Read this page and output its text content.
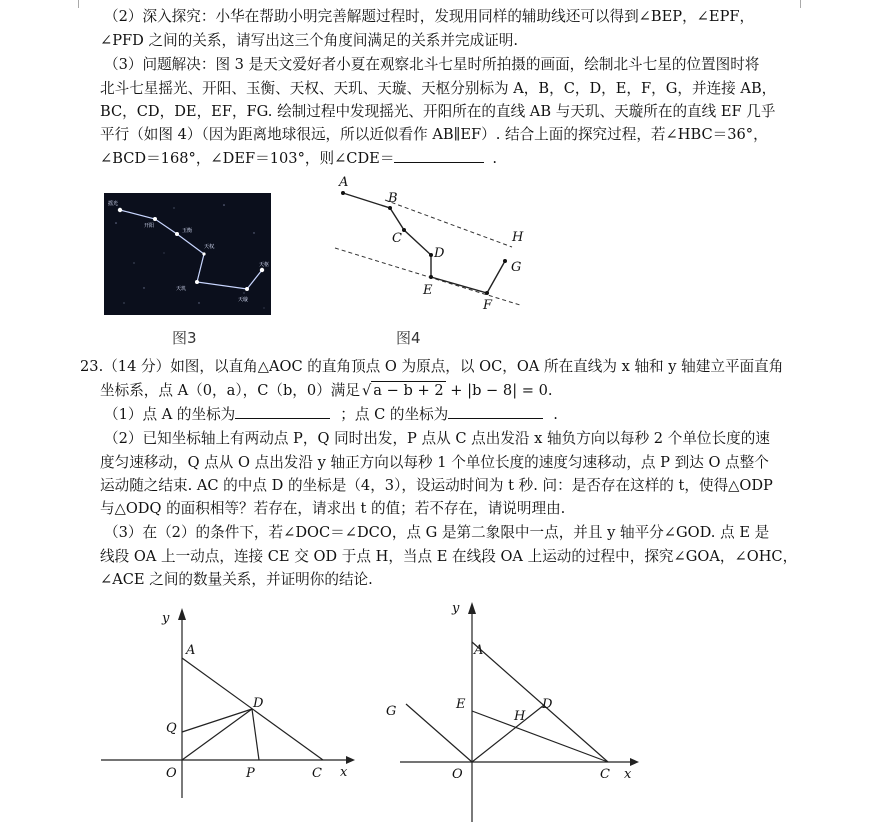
（2）深入探究：小华在帮助小明完善解题过程时，发现用同样的辅助线还可以得到∠BEP，∠EPF，
∠PFD 之间的关系，请写出这三个角度间满足的关系并完成证明.
（3）问题解决：图 3 是天文爱好者小夏在观察北斗七星时所拍摄的画面，绘制北斗七星的位置图时将
北斗七星摇光、开阳、玉衡、天权、天玑、天璇、天枢分别标为 A，B，C，D，E，F，G，并连接 AB，
BC，CD，DE，EF，FG. 绘制过程中发现摇光、开阳所在的直线 AB 与天玑、天璇所在的直线 EF 几乎
平行（如图 4）（因为距离地球很远，所以近似看作 AB∥EF）. 结合上面的探究过程，若∠HBC＝36°，
∠BCD＝168°，∠DEF＝103°，则∠CDE＝	.
摇光
开阳
玉衡
天权
天玑
天璇
天枢
图3
A
B
C
D
E
F
G
H
图4
23.（14 分）如图，以直角△AOC 的直角顶点 O 为原点，以 OC，OA 所在直线为 x 轴和 y 轴建立平面直角
坐标系，点 A（0，a），C（b，0）满足 √ a − b + 2 + |b − 8| = 0.
（1）点 A 的坐标为	；点 C 的坐标为	.
（2）已知坐标轴上有两动点 P，Q 同时出发，P 点从 C 点出发沿 x 轴负方向以每秒 2 个单位长度的速
度匀速移动，Q 点从 O 点出发沿 y 轴正方向以每秒 1 个单位长度的速度匀速移动，点 P 到达 O 点整个
运动随之结束. AC 的中点 D 的坐标是（4，3），设运动时间为 t 秒. 问：是否存在这样的 t，使得△ODP
与△ODQ 的面积相等？若存在，请求出 t 的值；若不存在，请说明理由.
（3）在（2）的条件下，若∠DOC＝∠DCO，点 G 是第二象限中一点，并且 y 轴平分∠GOD. 点 E 是
线段 OA 上一动点，连接 CE 交 OD 于点 H，当点 E 在线段 OA 上运动的过程中，探究∠GOA，∠OHC，
∠ACE 之间的数量关系，并证明你的结论.
y
x
A
Q
D
O	P	C
y
x
A
E
H
D
G
O	C
